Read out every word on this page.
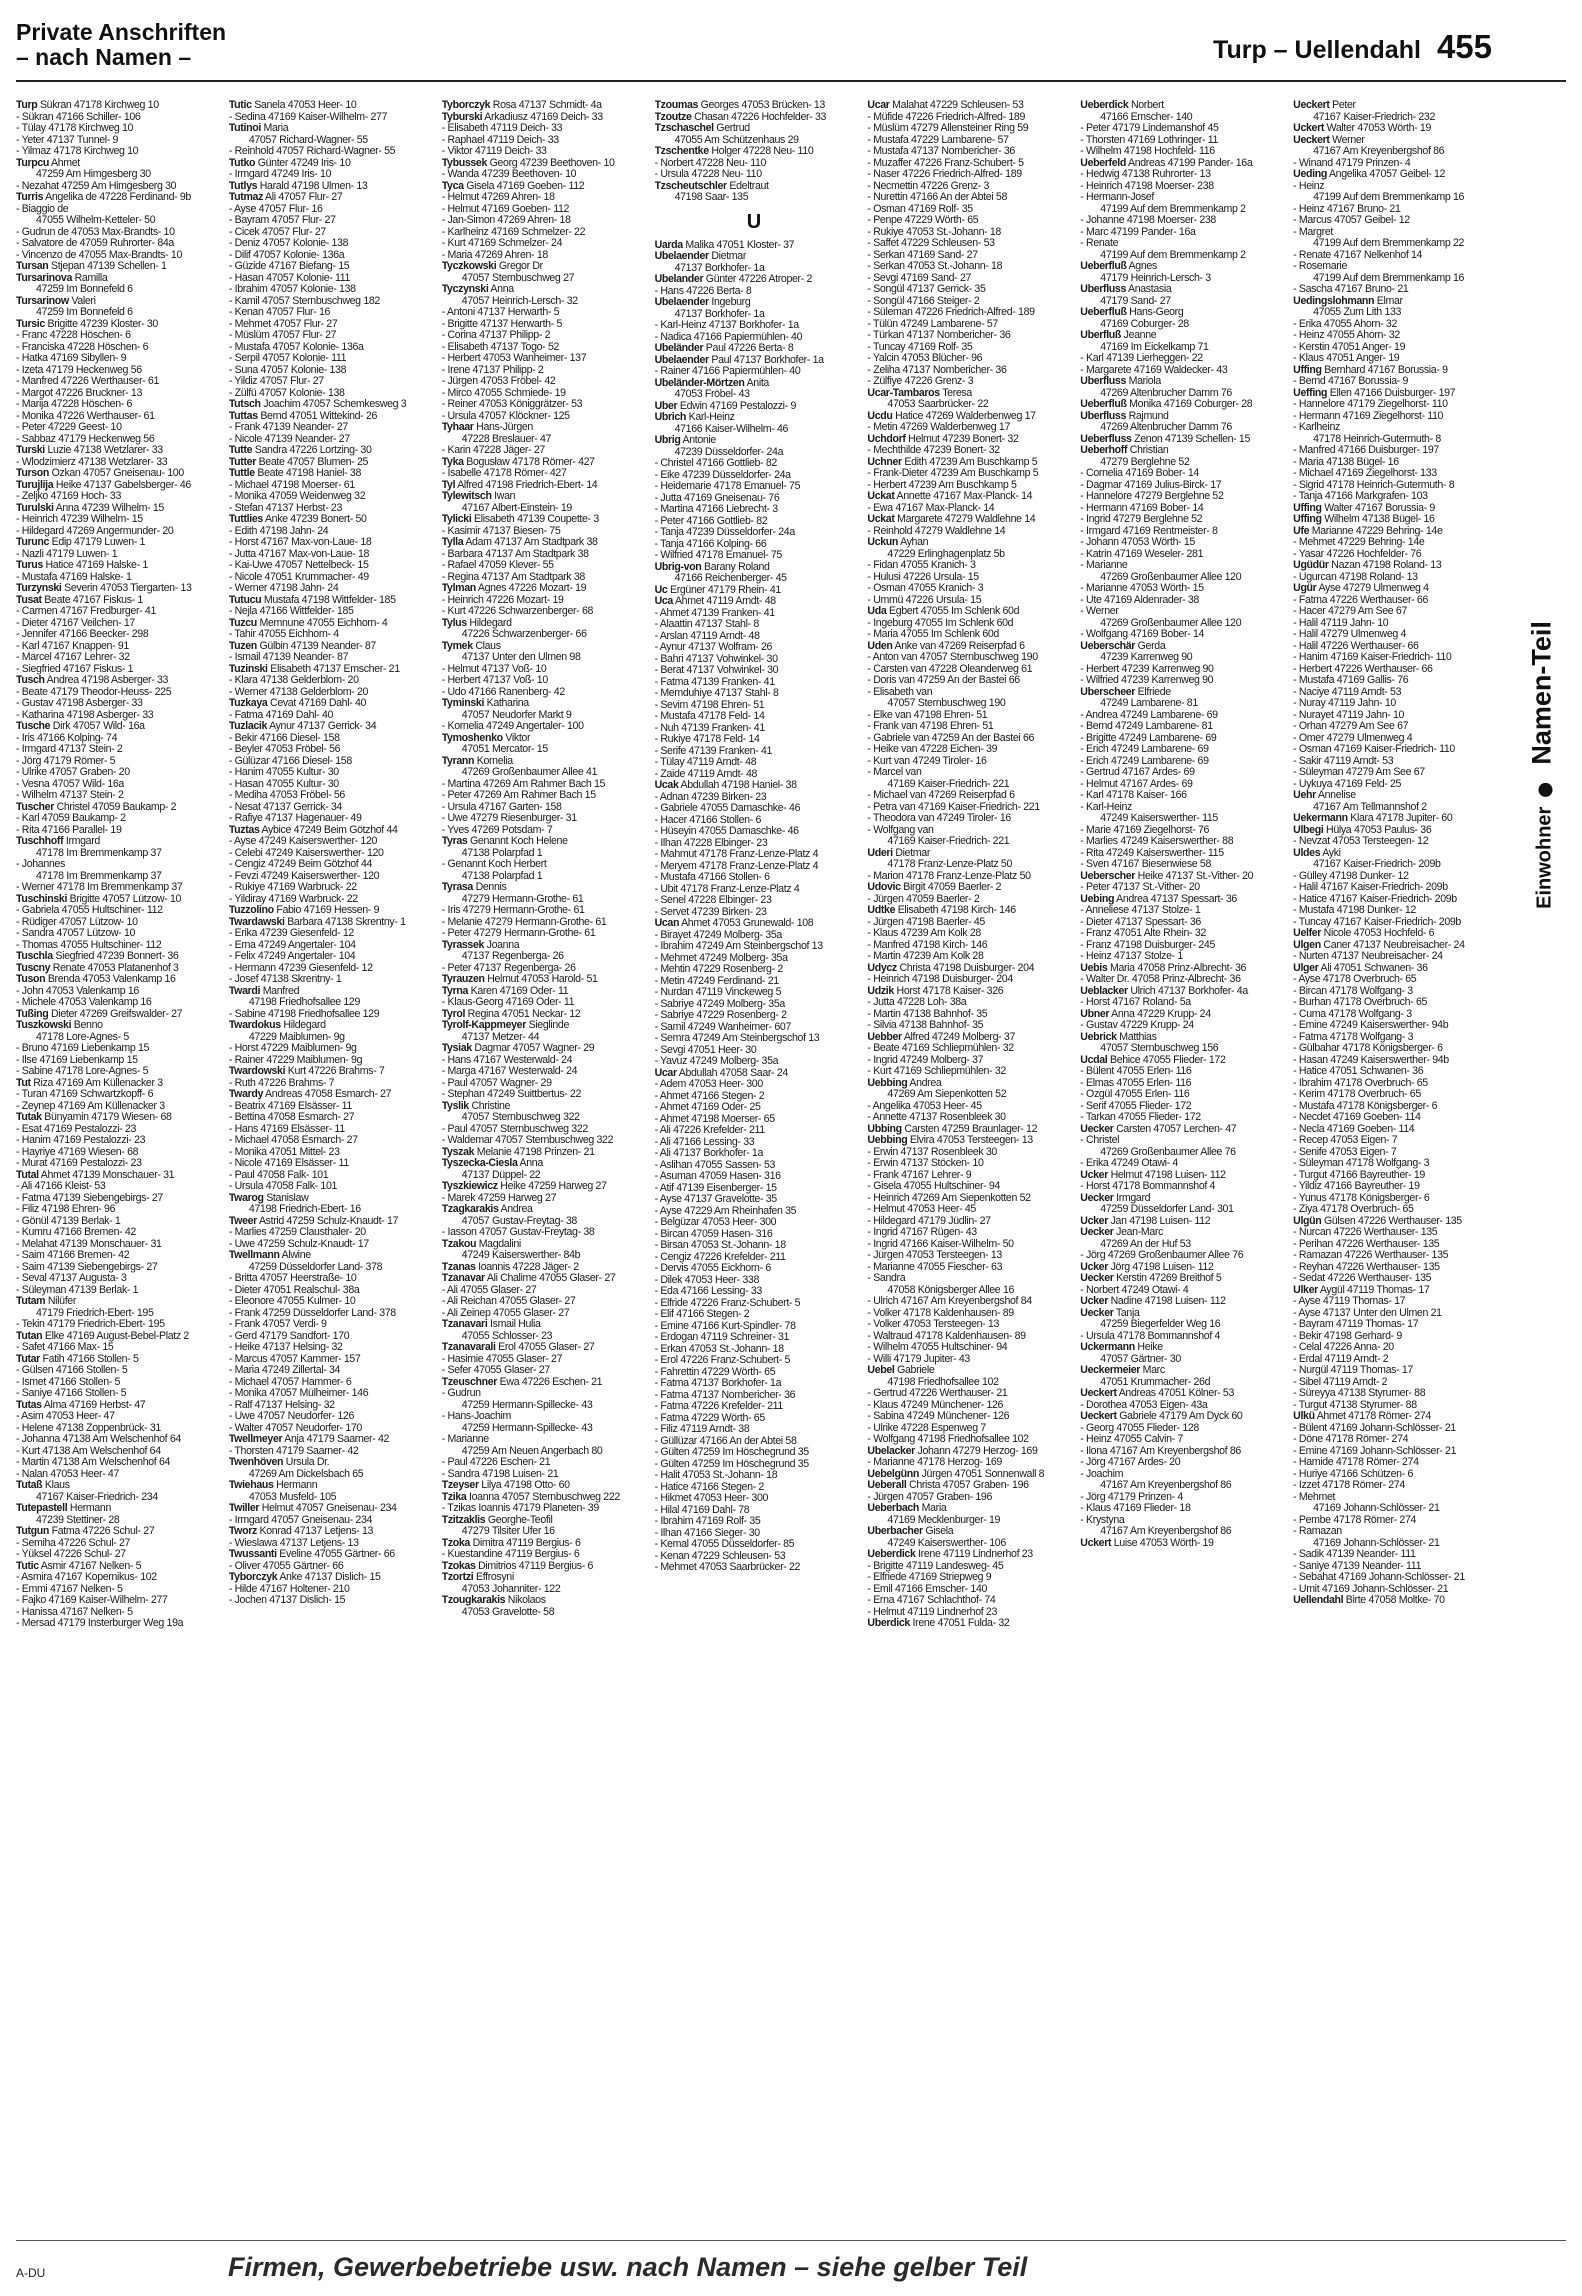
Private Anschriften
– nach Namen –	Turp – Uellendahl 455
Turp Sükran 47178 Kirchweg 10
- Sükran 47166 Schiller- 106
- Tülay 47178 Kirchweg 10
- Yeter 47137 Tunnel- 9
- Yilmaz 47178 Kirchweg 10
Turpcu Ahmet
47259 Am Himgesberg 30
- Nezahat 47259 Am Himgesberg 30
Turris Angelika de 47228 Ferdinand- 9b
- Biaggio de
47055 Wilhelm-Ketteler- 50
- Gudrun de 47053 Max-Brandts- 10
- Salvatore de 47059 Ruhrorter- 84a
- Vincenzo de 47055 Max-Brandts- 10
Tursan Stjepan 47139 Schellen- 1
Tursarinova Ramilla
47259 Im Bonnefeld 6
Tursarinow Valeri
47259 Im Bonnefeld 6
Tursic Brigitte 47239 Kloster- 30
- Franc 47228 Höschen- 6
- Franciska 47228 Höschen- 6
- Hatka 47169 Sibyllen- 9
- Izeta 47179 Heckenweg 56
- Manfred 47226 Werthauser- 61
- Margot 47226 Bruckner- 13
- Marija 47228 Höschen- 6
- Monika 47226 Werthauser- 61
- Peter 47229 Geest- 10
- Sabbaz 47179 Heckenweg 56
Turski Luzie 47138 Wetzlarer- 33
- Wlodzimierz 47138 Wetzlarer- 33
Turson Özkan 47057 Gneisenau- 100
Turujlija Heike 47137 Gabelsberger- 46
- Zeljko 47169 Hoch- 33
Turulski Anna 47239 Wilhelm- 15
- Heinrich 47239 Wilhelm- 15
- Hildegard 47269 Angermunder- 20
Turunc Edip 47179 Luwen- 1
- Nazli 47179 Luwen- 1
Turus Hatice 47169 Halske- 1
- Mustafa 47169 Halske- 1
Turzynski Severin 47053 Tiergarten- 13
Tusat Beate 47167 Fiskus- 1
- Carmen 47167 Fredburger- 41
- Dieter 47167 Veilchen- 17
- Jennifer 47166 Beecker- 298
- Karl 47167 Knappen- 91
- Marcel 47167 Lehrer- 32
- Siegfried 47167 Fiskus- 1
Tusch Andrea 47198 Asberger- 33
- Beate 47179 Theodor-Heuss- 225
- Gustav 47198 Asberger- 33
- Katharina 47198 Asberger- 33
Tusche Dirk 47057 Wild- 16a
- Iris 47166 Kolping- 74
- Irmgard 47137 Stein- 2
- Jörg 47179 Römer- 5
- Ulrike 47057 Graben- 20
- Vesna 47057 Wild- 16a
- Wilhelm 47137 Stein- 2
Tuscher Christel 47059 Baukamp- 2
- Karl 47059 Baukamp- 2
- Rita 47166 Parallel- 19
Tuschhoff Irmgard
47178 Im Bremmenkamp 37
- Johannes
47178 Im Bremmenkamp 37
- Werner 47178 Im Bremmenkamp 37
Tuschinski Brigitte 47057 Lützow- 10
- Gabriela 47055 Hultschiner- 112
- Rüdiger 47057 Lützow- 10
- Sandra 47057 Lützow- 10
- Thomas 47055 Hultschiner- 112
Tuschla Siegfried 47239 Bonnert- 36
Tuscny Renate 47053 Platanenhof 3
Tuson Brenda 47053 Valenkamp 16
- John 47053 Valenkamp 16
- Michele 47053 Valenkamp 16
Tußing Dieter 47269 Greifswalder- 27
Tuszkowski Benno
47178 Lore-Agnes- 5
- Bruno 47169 Liebenkamp 15
- Ilse 47169 Liebenkamp 15
- Sabine 47178 Lore-Agnes- 5
Tut Riza 47169 Am Küllenacker 3
- Turan 47169 Schwartzkopff- 6
- Zeynep 47169 Am Küllenacker 3
Tutak Bünyamin 47179 Wiesen- 68
- Esat 47169 Pestalozzi- 23
- Hanim 47169 Pestalozzi- 23
- Hayriye 47169 Wiesen- 68
- Murat 47169 Pestalozzi- 23
Tutal Ahmet 47139 Monschauer- 31
- Ali 47166 Kleist- 53
- Fatma 47139 Siebengebirgs- 27
- Filiz 47198 Ehren- 96
- Gönül 47139 Berlak- 1
- Kumru 47166 Bremen- 42
- Melahat 47139 Monschauer- 31
- Saim 47166 Bremen- 42
- Saim 47139 Siebengebirgs- 27
- Seval 47137 Augusta- 3
- Süleyman 47139 Berlak- 1
Tutam Nilüfer
47179 Friedrich-Ebert- 195
- Tekin 47179 Friedrich-Ebert- 195
Tutan Elke 47169 August-Bebel-Platz 2
- Safet 47166 Max- 15
Tutar Fatih 47166 Stollen- 5
- Gülsen 47166 Stollen- 5
- Ismet 47166 Stollen- 5
- Saniye 47166 Stollen- 5
Tutas Alma 47169 Herbst- 47
- Asim 47053 Heer- 47
- Helene 47138 Zoppenbrück- 31
- Johanna 47138 Am Welschenhof 64
- Kurt 47138 Am Welschenhof 64
- Martin 47138 Am Welschenhof 64
- Nalan 47053 Heer- 47
Tutaß Klaus
47167 Kaiser-Friedrich- 234
Tutepastell Hermann
47239 Stettiner- 28
Tutgun Fatma 47226 Schul- 27
- Semiha 47226 Schul- 27
- Yüksel 47226 Schul- 27
Tutic Asmir 47167 Nelken- 5
- Asmira 47167 Kopernikus- 102
- Emmi 47167 Nelken- 5
- Fajko 47169 Kaiser-Wilhelm- 277
- Hanissa 47167 Nelken- 5
- Mersad 47179 Insterburger Weg 19a
Tutic Sanela 47053 Heer- 10
- Sedina 47169 Kaiser-Wilhelm- 277
Tutinoi Maria
47057 Richard-Wagner- 55
- Reinhold 47057 Richard-Wagner- 55
Tutko Günter 47249 Iris- 10
- Irmgard 47249 Iris- 10
Tutlys Harald 47198 Ulmen- 13
Tutmaz Ali 47057 Flur- 27
- Ayse 47057 Flur- 16
- Bayram 47057 Flur- 27
- Cicek 47057 Flur- 27
- Deniz 47057 Kolonie- 138
- Dilif 47057 Kolonie- 136a
- Güzide 47167 Biefang- 15
- Hasan 47057 Kolonie- 111
- Ibrahim 47057 Kolonie- 138
- Kamil 47057 Sternbuschweg 182
- Kenan 47057 Flur- 16
- Mehmet 47057 Flur- 27
- Müslüm 47057 Flur- 27
- Mustafa 47057 Kolonie- 136a
- Serpil 47057 Kolonie- 111
- Suna 47057 Kolonie- 138
- Yildiz 47057 Flur- 27
- Zülfü 47057 Kolonie- 138
Tutsch Joachim 47057 Schemkesweg 3
Tuttas Bernd 47051 Wittekind- 26
- Frank 47139 Neander- 27
- Nicole 47139 Neander- 27
Tutte Sandra 47226 Lortzing- 30
Tutter Beate 47057 Blumen- 25
Tuttle Beate 47198 Haniel- 38
- Michael 47198 Moerser- 61
- Monika 47059 Weidenweg 32
- Stefan 47137 Herbst- 23
Tuttlies Anke 47239 Bonert- 50
- Edith 47198 Jahn- 24
- Horst 47167 Max-von-Laue- 18
- Jutta 47167 Max-von-Laue- 18
- Kai-Uwe 47057 Nettelbeck- 15
- Nicole 47051 Krummacher- 49
- Werner 47198 Jahn- 24
Tutucu Mustafa 47198 Wittfelder- 185
- Nejla 47166 Wittfelder- 185
Tuzcu Memnune 47055 Eichhorn- 4
- Tahir 47055 Eichhorn- 4
Tuzen Gülbin 47139 Neander- 87
- Ismail 47139 Neander- 87
Tuzinski Elisabeth 47137 Emscher- 21
- Klara 47138 Gelderblom- 20
- Werner 47138 Gelderblom- 20
Tuzkaya Cevat 47169 Dahl- 40
- Fatma 47169 Dahl- 40
Tuzlacik Aynur 47137 Gerrick- 34
- Bekir 47166 Diesel- 158
- Beyler 47053 Fröbel- 56
- Gülüzar 47166 Diesel- 158
- Hanim 47055 Kultur- 30
- Hasan 47055 Kultur- 30
- Mediha 47053 Fröbel- 56
- Nesat 47137 Gerrick- 34
- Rafiye 47137 Hagenauer- 49
Tuztas Aybice 47249 Beim Götzhof 44
- Ayse 47249 Kaiserswerther- 120
- Celebi 47249 Kaiserswerther- 120
- Cengiz 47249 Beim Götzhof 44
- Fevzi 47249 Kaiserswerther- 120
- Rukiye 47169 Warbruck- 22
- Yildiray 47169 Warbruck- 22
Tuzzolino Fabio 47169 Hessen- 9
Twardawski Barbara 47138 Skrentny- 1
- Erika 47239 Giesenfeld- 12
- Erna 47249 Angertaler- 104
- Felix 47249 Angertaler- 104
- Hermann 47239 Giesenfeld- 12
- Josef 47138 Skrentny- 1
Twardi Manfred
47198 Friedhofsallee 129
- Sabine 47198 Friedhofsallee 129
Twardokus Hildegard
47229 Maiblumen- 9g
- Horst 47229 Maiblumen- 9g
- Rainer 47229 Maiblumen- 9g
Twardowski Kurt 47226 Brahms- 7
- Ruth 47226 Brahms- 7
Twardy Andreas 47058 Esmarch- 27
- Beatrix 47169 Elsässer- 11
- Bettina 47058 Esmarch- 27
- Hans 47169 Elsässer- 11
- Michael 47058 Esmarch- 27
- Monika 47051 Mittel- 23
- Nicole 47169 Elsässer- 11
- Paul 47058 Falk- 101
- Ursula 47058 Falk- 101
Twarog Stanislaw
47198 Friedrich-Ebert- 16
Tweer Astrid 47259 Schulz-Knaudt- 17
- Marlies 47259 Clausthaler- 20
- Uwe 47259 Schulz-Knaudt- 17
Twellmann Alwine
47259 Düsseldorfer Land- 378
- Britta 47057 Heerstraße- 10
- Dieter 47051 Realschul- 38a
- Eleonore 47055 Kulmer- 10
- Frank 47259 Düsseldorfer Land- 378
- Frank 47057 Verdi- 9
- Gerd 47179 Sandfort- 170
- Heike 47137 Helsing- 32
- Marcus 47057 Kammer- 157
- Maria 47249 Zillertal- 34
- Michael 47057 Hammer- 6
- Monika 47057 Mülheimer- 146
- Ralf 47137 Helsing- 32
- Uwe 47057 Neudorfer- 126
- Walter 47057 Neudorfer- 170
Twellmeyer Anja 47179 Saarner- 42
- Thorsten 47179 Saarner- 42
Twenhöven Ursula Dr.
47269 Am Dickelsbach 65
Twiehaus Hermann
47053 Musfeld- 105
Twiller Helmut 47057 Gneisenau- 234
- Irmgard 47057 Gneisenau- 234
Tworz Konrad 47137 Letjens- 13
- Wieslawa 47137 Letjens- 13
Twussanti Eveline 47055 Gärtner- 66
- Oliver 47055 Gärtner- 66
Tyborczyk Anke 47137 Dislich- 15
- Hilde 47167 Holtener- 210
- Jochen 47137 Dislich- 15
Tyborczyk Rosa 47137 Schmidt- 4a
Tyburski Arkadiusz 47169 Deich- 33
- Elisabeth 47119 Deich- 33
- Raphael 47119 Deich- 33
- Viktor 47119 Deich- 33
Tybussek Georg 47239 Beethoven- 10
- Wanda 47239 Beethoven- 10
Tyca Gisela 47169 Goeben- 112
- Helmut 47269 Ahren- 18
- Helmut 47169 Goeben- 112
- Jan-Simon 47269 Ahren- 18
- Karlheinz 47169 Schmelzer- 22
- Kurt 47169 Schmelzer- 24
- Maria 47269 Ahren- 18
Tyczkowski Gregor Dr
47057 Sternbuschweg 27
Tyczynski Anna
47057 Heinrich-Lersch- 32
- Antoni 47137 Herwarth- 5
- Brigitte 47137 Herwarth- 5
- Corina 47137 Philipp- 2
- Elisabeth 47137 Togo- 52
- Herbert 47053 Wanheimer- 137
- Irene 47137 Philipp- 2
- Jürgen 47053 Fröbel- 42
- Mirco 47055 Schmiede- 19
- Reiner 47053 Königgrätzer- 53
- Ursula 47057 Klöckner- 125
Tyhaar Hans-Jürgen
47228 Breslauer- 47
- Karin 47228 Jäger- 27
Tyka Bogusław 47178 Römer- 427
- Isabelle 47178 Römer- 427
Tyl Alfred 47198 Friedrich-Ebert- 14
Tylewitsch Iwan
47167 Albert-Einstein- 19
Tylicki Elisabeth 47139 Coupette- 3
- Kasimir 47137 Biesen- 75
Tylla Adam 47137 Am Stadtpark 38
- Barbara 47137 Am Stadtpark 38
- Rafael 47059 Klever- 55
- Regina 47137 Am Stadtpark 38
Tylman Agnes 47226 Mozart- 19
- Heinrich 47226 Mozart- 19
- Kurt 47226 Schwarzenberger- 68
Tylus Hildegard
47226 Schwarzenberger- 66
Tymek Claus
47137 Unter den Ulmen 98
- Helmut 47137 Voß- 10
- Herbert 47137 Voß- 10
- Udo 47166 Ranenberg- 42
Tyminski Katharina
47057 Neudorfer Markt 9
- Kornelia 47249 Angertaler- 100
Tymoshenko Viktor
47051 Mercator- 15
Tyrann Kornelia
47269 Großenbaumer Allee 41
- Martina 47269 Am Rahmer Bach 15
- Peter 47269 Am Rahmer Bach 15
- Ursula 47167 Garten- 158
- Uwe 47279 Riesenburger- 31
- Yves 47269 Potsdam- 7
Tyras Genannt Koch Helene
47138 Polarpfad 1
- Genannt Koch Herbert
47138 Polarpfad 1
Tyrasa Dennis
47279 Hermann-Grothe- 61
- Iris 47279 Hermann-Grothe- 61
- Melanie 47279 Hermann-Grothe- 61
- Peter 47279 Hermann-Grothe- 61
Tyrassek Joanna
47137 Regenberga- 26
- Peter 47137 Regenberga- 26
Tyrauzen Helmut 47053 Harold- 51
Tyrna Karen 47169 Oder- 11
- Klaus-Georg 47169 Oder- 11
Tyrol Regina 47051 Neckar- 12
Tyrolf-Kappmeyer Sieglinde
47137 Metzer- 44
Tysiak Dagmar 47057 Wagner- 29
- Hans 47167 Westerwald- 24
- Marga 47167 Westerwald- 24
- Paul 47057 Wagner- 29
- Stephan 47249 Suittbertus- 22
Tyslik Christine
47057 Sternbuschweg 322
- Paul 47057 Sternbuschweg 322
- Waldemar 47057 Sternbuschweg 322
Tyszak Melanie 47198 Prinzen- 21
Tyszecka-Ciesla Anna
47137 Düppel- 22
Tyszkiewicz Heike 47259 Harweg 27
- Marek 47259 Harweg 27
Tzagkarakis Andrea
47057 Gustav-Freytag- 38
- Iasson 47057 Gustav-Freytag- 38
Tzakou Magdalini
47249 Kaiserswerther- 84b
Tzanas Ioannis 47228 Jäger- 2
Tzanavar Ali Chalime 47055 Glaser- 27
- Ali 47055 Glaser- 27
- Ali Reichan 47055 Glaser- 27
- Ali Zeinep 47055 Glaser- 27
Tzanavari Ismail Hulia
47055 Schlosser- 23
Tzanavarali Erol 47055 Glaser- 27
- Hasimie 47055 Glaser- 27
- Sefer 47055 Glaser- 27
Tzeuschner Ewa 47226 Eschen- 21
- Gudrun
47259 Hermann-Spillecke- 43
- Hans-Joachim
47259 Hermann-Spillecke- 43
- Marianne
47259 Am Neuen Angerbach 80
- Paul 47226 Eschen- 21
- Sandra 47198 Luisen- 21
Tzeyser Lilya 47198 Otto- 60
Tzika Ioanna 47057 Sternbuschweg 222
- Tzikas Ioannis 47179 Planeten- 39
Tzitzaklis Georghe-Teofil
47279 Tilsiter Ufer 16
Tzoka Dimitra 47119 Bergius- 6
- Kuestandine 47119 Bergius- 6
Tzokas Dimitrios 47119 Bergius- 6
Tzortzi Effrosyni
47053 Johanniter- 122
Tzougkarakis Nikolaos
47053 Gravelotte- 58
Tzoumas Georges 47053 Brücken- 13
Tzoutze Chasan 47226 Hochfelder- 33
Tzschaschel Gertrud
47055 Am Schützenhaus 29
Tzschentke Holger 47228 Neu- 110
- Norbert 47228 Neu- 110
- Ursula 47228 Neu- 110
Tzscheutschler Edeltraut
47198 Saar- 135
U
Uarda Malika 47051 Kloster- 37
Ubelaender Dietmar
47137 Borkhofer- 1a
Ubelander Günter 47226 Atroper- 2
- Hans 47226 Berta- 8
Ubelaender Ingeburg
47137 Borkhofer- 1a
- Karl-Heinz 47137 Borkhofer- 1a
- Nadica 47166 Papiermühlen- 40
Ubeländer Paul 47226 Berta- 8
Ubelaender Paul 47137 Borkhofer- 1a
- Rainer 47166 Papiermühlen- 40
Ubeländer-Mörtzen Anita
47053 Fröbel- 43
Uber Edwin 47169 Pestalozzi- 9
Ubrich Karl-Heinz
47166 Kaiser-Wilhelm- 46
Ubrig Antonie
47239 Düsseldorfer- 24a
- Christel 47166 Gottlieb- 82
- Eike 47239 Düsseldorfer- 24a
- Heidemarie 47178 Emanuel- 75
- Jutta 47169 Gneisenau- 76
- Martina 47166 Liebrecht- 3
- Peter 47166 Gottlieb- 82
- Tanja 47239 Düsseldorfer- 24a
- Tanja 47166 Kolping- 66
- Wilfried 47178 Emanuel- 75
Ubrig-von Barany Roland
47166 Reichenberger- 45
Uc Ergüner 47179 Rhein- 41
Uca Ahmet 47119 Arndt- 48
- Ahmet 47139 Franken- 41
- Alaattin 47137 Stahl- 8
- Arslan 47119 Arndt- 48
- Aynur 47137 Wolfram- 26
- Bahri 47137 Vohwinkel- 30
- Berat 47137 Vohwinkel- 30
- Fatma 47139 Franken- 41
- Memduhiye 47137 Stahl- 8
- Sevim 47198 Ehren- 51
- Mustafa 47178 Feld- 14
- Nuh 47139 Franken- 41
- Rukiye 47178 Feld- 14
- Serife 47139 Franken- 41
- Tülay 47119 Arndt- 48
- Zaide 47119 Arndt- 48
Ucak Abdullah 47198 Haniel- 38
- Adnan 47239 Birken- 23
- Gabriele 47055 Damaschke- 46
- Hacer 47166 Stollen- 6
- Hüseyin 47055 Damaschke- 46
- Ilhan 47228 Elbinger- 23
- Mahmut 47178 Franz-Lenze-Platz 4
- Meryem 47178 Franz-Lenze-Platz 4
- Mustafa 47166 Stollen- 6
- Ubit 47178 Franz-Lenze-Platz 4
- Senel 47228 Elbinger- 23
- Servet 47239 Birken- 23
Ucan Ahmet 47053 Grunewald- 108
- Birayet 47249 Molberg- 35a
- Ibrahim 47249 Am Steinbergschof 13
- Mehmet 47249 Molberg- 35a
- Mehtin 47229 Rosenberg- 2
- Metin 47249 Ferdinand- 21
- Nurdan 47119 Vinckeweg 5
- Sabriye 47249 Molberg- 35a
- Sabriye 47229 Rosenberg- 2
- Samil 47249 Wanheimer- 607
- Semra 47249 Am Steinbergschof 13
- Sevgi 47051 Heer- 30
- Yavuz 47249 Molberg- 35a
Ucar Abdullah 47058 Saar- 24
- Adem 47053 Heer- 300
- Ahmet 47166 Stegen- 2
- Ahmet 47169 Oder- 25
- Ahmet 47198 Moerser- 65
- Ali 47226 Krefelder- 211
- Ali 47166 Lessing- 33
- Ali 47137 Borkhofer- 1a
- Aslihan 47055 Sassen- 53
- Asuman 47059 Hasen- 316
- Atif 47139 Eisenberger- 15
- Ayse 47137 Gravelotte- 35
- Ayse 47229 Am Rheinhafen 35
- Belgüzar 47053 Heer- 300
- Bircan 47059 Hasen- 316
- Birsan 47053 St.-Johann- 18
- Cengiz 47226 Krefelder- 211
- Dervis 47055 Eickhorn- 6
- Dilek 47053 Heer- 338
- Eda 47166 Lessing- 33
- Elfride 47226 Franz-Schubert- 5
- Elif 47166 Stegen- 2
- Emine 47166 Kurt-Spindler- 78
- Erdogan 47119 Schreiner- 31
- Erkan 47053 St.-Johann- 18
- Erol 47226 Franz-Schubert- 5
- Fahrettin 47229 Wörth- 65
- Fatma 47137 Borkhofer- 1a
- Fatma 47137 Nombericher- 36
- Fatma 47226 Krefelder- 211
- Fatma 47229 Wörth- 65
- Filiz 47119 Arndt- 38
- Güllüzar 47166 An der Abtei 58
- Gülten 47259 Im Höschegrund 35
- Gülten 47259 Im Höschegrund 35
- Halit 47053 St.-Johann- 18
- Hatice 47166 Stegen- 2
- Hikmet 47053 Heer- 300
- Hilal 47169 Dahl- 78
- Ibrahim 47169 Rolf- 35
- Ilhan 47166 Sieger- 30
- Kemal 47055 Düsseldorfer- 85
- Kenan 47229 Schleusen- 53
- Mehmet 47053 Saarbrücker- 22
Ucar Malahat 47229 Schleusen- 53
- Müfide 47226 Friedrich-Alfred- 189
- Müslüm 47279 Allensteiner Ring 59
- Mustafa 47229 Lambarene- 57
- Mustafa 47137 Nombericher- 36
- Muzaffer 47226 Franz-Schubert- 5
- Naser 47226 Friedrich-Alfred- 189
- Necmettin 47226 Grenz- 3
- Nurettin 47166 An der Abtei 58
- Osman 47169 Rolf- 35
- Penpe 47229 Wörth- 65
- Rukiye 47053 St.-Johann- 18
- Saffet 47229 Schleusen- 53
- Serkan 47169 Sand- 27
- Serkan 47053 St.-Johann- 18
- Sevgi 47169 Sand- 27
- Songül 47137 Gerrick- 35
- Songül 47166 Steiger- 2
- Süleman 47226 Friedrich-Alfred- 189
- Tülün 47249 Lambarene- 57
- Türkan 47137 Nombericher- 36
- Tuncay 47169 Rolf- 35
- Yalcin 47053 Blücher- 96
- Zeliha 47137 Nombericher- 36
- Zülfiye 47226 Grenz- 3
Ucar-Tambaros Teresa
47053 Saarbrücker- 22
Ucdu Hatice 47269 Walderbenweg 17
- Metin 47269 Walderbenweg 17
Uchdorf Helmut 47239 Bonert- 32
- Mechthilde 47239 Bonert- 32
Uchner Edith 47239 Am Buschkamp 5
- Frank-Dieter 47239 Am Buschkamp 5
- Herbert 47239 Am Buschkamp 5
Uckat Annette 47167 Max-Planck- 14
- Ewa 47167 Max-Planck- 14
Uckat Margarete 47279 Waldlehne 14
- Reinhold 47279 Waldlehne 14
Uckun Ayhan
47229 Erlinghagenplatz 5b
- Fidan 47055 Kranich- 3
- Hulusi 47226 Ursula- 15
- Osman 47055 Kranich- 3
- Ümmü 47226 Ursula- 15
Uda Egbert 47055 Im Schlenk 60d
- Ingeburg 47055 Im Schlenk 60d
- Maria 47055 Im Schlenk 60d
Uden Anke van 47269 Reiserpfad 6
- Anton van 47057 Sternbuschweg 190
- Carsten van 47228 Oleanderweg 61
- Doris van 47259 An der Bastei 66
- Elisabeth van
47057 Sternbuschweg 190
- Elke van 47198 Ehren- 51
- Frank van 47198 Ehren- 51
- Gabriele van 47259 An der Bastei 66
- Heike van 47228 Eichen- 39
- Kurt van 47249 Tiroler- 16
- Marcel van
47169 Kaiser-Friedrich- 221
- Michael van 47269 Reiserpfad 6
- Petra van 47169 Kaiser-Friedrich- 221
- Theodora van 47249 Tiroler- 16
- Wolfgang van
47169 Kaiser-Friedrich- 221
Uderi Dietmar
47178 Franz-Lenze-Platz 50
- Marion 47178 Franz-Lenze-Platz 50
Udovic Birgit 47059 Baerler- 2
- Jürgen 47059 Baerler- 2
Udtke Elisabeth 47198 Kirch- 146
- Jürgen 47198 Baerler- 45
- Klaus 47239 Am Kolk 28
- Manfred 47198 Kirch- 146
- Martin 47239 Am Kolk 28
Udycz Christa 47198 Duisburger- 204
- Heinrich 47198 Duisburger- 204
Udzik Horst 47178 Kaiser- 326
- Jutta 47228 Loh- 38a
- Martin 47138 Bahnhof- 35
- Silvia 47138 Bahnhof- 35
Uebber Alfred 47249 Molberg- 37
- Beate 47169 Schliepmühlen- 32
- Ingrid 47249 Molberg- 37
- Kurt 47169 Schliepmühlen- 32
Uebbing Andrea
47269 Am Siepenkotten 52
- Angelika 47053 Heer- 45
- Annette 47137 Rosenbleek 30
Übbing Carsten 47259 Braunlager- 12
Uebbing Elvira 47053 Tersteegen- 13
- Erwin 47137 Rosenbleek 30
- Erwin 47137 Stöcken- 10
- Frank 47167 Lehrer- 9
- Gisela 47055 Hultschiner- 94
- Heinrich 47269 Am Siepenkotten 52
- Helmut 47053 Heer- 45
- Hildegard 47179 Jüdlin- 27
- Ingrid 47167 Rügen- 43
- Ingrid 47166 Kaiser-Wilhelm- 50
- Jürgen 47053 Tersteegen- 13
- Marianne 47055 Fiescher- 63
- Sandra
47058 Königsberger Allee 16
- Ulrich 47167 Am Kreyenbergshof 84
- Volker 47178 Kaldenhausen- 89
- Volker 47053 Tersteegen- 13
- Waltraud 47178 Kaldenhausen- 89
- Wilhelm 47055 Hultschiner- 94
- Willi 47179 Jupiter- 43
Uebel Gabriele
47198 Friedhofsallee 102
- Gertrud 47226 Werthauser- 21
- Klaus 47249 Münchener- 126
- Sabina 47249 Münchener- 126
- Ulrike 47228 Espenweg 7
- Wolfgang 47198 Friedhofsallee 102
Übelacker Johann 47279 Herzog- 169
- Marianne 47178 Herzog- 169
Uebelgünn Jürgen 47051 Sonnenwall 8
Ueberall Christa 47057 Graben- 196
- Jürgen 47057 Graben- 196
Ueberbach Maria
47169 Mecklenburger- 19
Überbacher Gisela
47249 Kaiserswerther- 106
Ueberdick Irene 47119 Lindnerhof 23
- Brigitte 47119 Landesweg- 45
- Elfriede 47169 Striepweg 9
- Emil 47166 Emscher- 140
- Erna 47167 Schlachthof- 74
- Helmut 47119 Lindnerhof 23
Überdick Irene 47051 Fulda- 32
Ueberdick Norbert
47166 Emscher- 140
- Peter 47179 Lindemanshof 45
- Thorsten 47169 Lothringer- 11
- Wilhelm 47198 Hochfeld- 116
Ueberfeld Andreas 47199 Pander- 16a
- Hedwig 47138 Ruhrorter- 13
- Heinrich 47198 Moerser- 238
- Hermann-Josef
47199 Auf dem Bremmenkamp 2
- Johanne 47198 Moerser- 238
- Marc 47199 Pander- 16a
- Renate
47199 Auf dem Bremmenkamp 2
Ueberfluß Agnes
47179 Heinrich-Lersch- 3
Überfluss Anastasia
47179 Sand- 27
Ueberfluß Hans-Georg
47169 Coburger- 28
Überfluß Jeanne
47169 Im Eickelkamp 71
- Karl 47139 Lierheggen- 22
- Margarete 47169 Waldecker- 43
Überfluss Mariola
47269 Altenbrucher Damm 76
Ueberfluß Monika 47169 Coburger- 28
Überfluss Rajmund
47269 Altenbrucher Damm 76
Ueberfluss Zenon 47139 Schellen- 15
Ueberhoff Christian
47279 Berglehne 52
- Cornelia 47169 Bober- 14
- Dagmar 47169 Julius-Birck- 17
- Hannelore 47279 Berglehne 52
- Hermann 47169 Bober- 14
- Ingrid 47279 Berglehne 52
- Irmgard 47169 Rentmeister- 8
- Johann 47053 Wörth- 15
- Katrin 47169 Weseler- 281
- Marianne
47269 Großenbaumer Allee 120
- Marianne 47053 Wörth- 15
- Ute 47169 Aldenrader- 38
- Werner
47269 Großenbaumer Allee 120
- Wolfgang 47169 Bober- 14
Ueberschär Gerda
47239 Karrenweg 90
- Herbert 47239 Karrenweg 90
- Wilfried 47239 Karrenweg 90
Überscheer Elfriede
47249 Lambarene- 81
- Andrea 47249 Lambarene- 69
- Bernd 47249 Lambarene- 81
- Brigitte 47249 Lambarene- 69
- Erich 47249 Lambarene- 69
- Erich 47249 Lambarene- 69
- Gertrud 47167 Ardes- 69
- Helmut 47167 Ardes- 69
- Karl 47178 Kaiser- 166
- Karl-Heinz
47249 Kaiserswerther- 115
- Marie 47169 Ziegelhorst- 76
- Marlies 47249 Kaiserswerther- 88
- Rita 47249 Kaiserswerther- 115
- Sven 47167 Biesenwiese 58
Ueberscher Heike 47137 St.-Vither- 20
- Peter 47137 St.-Vither- 20
Uebing Andrea 47137 Spessart- 36
- Anneliese 47137 Stolze- 1
- Dieter 47137 Spessart- 36
- Franz 47051 Alte Rhein- 32
- Franz 47198 Duisburger- 245
- Heinz 47137 Stolze- 1
Uebis Maria 47058 Prinz-Albrecht- 36
- Walter Dr. 47058 Prinz-Albrecht- 36
Ueblacker Ulrich 47137 Borkhofer- 4a
- Horst 47167 Roland- 5a
Ubner Anna 47229 Krupp- 24
- Gustav 47229 Krupp- 24
Uebrick Matthias
47057 Sternbuschweg 156
Ücdal Behice 47055 Flieder- 172
- Bülent 47055 Erlen- 116
- Elmas 47055 Erlen- 116
- Özgül 47055 Erlen- 116
- Serif 47055 Flieder- 172
- Tarkan 47055 Flieder- 172
Uecker Carsten 47057 Lerchen- 47
- Christel
47269 Großenbaumer Allee 76
- Erika 47249 Otawi- 4
Ücker Helmut 47198 Luisen- 112
- Horst 47178 Bommannshof 4
Uecker Irmgard
47259 Düsseldorfer Land- 301
Ücker Jan 47198 Luisen- 112
Uecker Jean-Marc
47269 An der Huf 53
- Jörg 47269 Großenbaumer Allee 76
Ücker Jörg 47198 Luisen- 112
Uecker Kerstin 47269 Breithof 5
- Norbert 47249 Otawi- 4
Ücker Nadine 47198 Luisen- 112
Uecker Tanja
47259 Biegerfelder Weg 16
- Ursula 47178 Bommannshof 4
Ückermann Heike
47057 Gärtner- 30
Ueckermeier Marc
47051 Krummacher- 26d
Ueckert Andreas 47051 Kölner- 53
- Dorothea 47053 Eigen- 43a
Ueckert Gabriele 47179 Am Dyck 60
- Georg 47055 Flieder- 128
- Heinz 47055 Calvin- 7
- Ilona 47167 Am Kreyenbergshof 86
- Jörg 47167 Ardes- 20
- Joachim
47167 Am Kreyenbergshof 86
- Jörg 47179 Prinzen- 4
- Klaus 47169 Flieder- 18
- Krystyna
47167 Am Kreyenbergshof 86
Ückert Luise 47053 Wörth- 19
Ueckert Peter
47167 Kaiser-Friedrich- 232
Ückert Walter 47053 Wörth- 19
Ueckert Werner
47167 Am Kreyenbergshof 86
- Winand 47179 Prinzen- 4
Ueding Angelika 47057 Geibel- 12
- Heinz
47199 Auf dem Bremmenkamp 16
- Heinz 47167 Bruno- 21
- Marcus 47057 Geibel- 12
- Margret
47199 Auf dem Bremmenkamp 22
- Renate 47167 Nelkenhof 14
- Rosemarie
47199 Auf dem Bremmenkamp 16
- Sascha 47167 Bruno- 21
Uedingslohmann Elmar
47055 Zum Lith 133
- Erika 47055 Ahorn- 32
- Heinz 47055 Ahorn- 32
- Kerstin 47051 Anger- 19
- Klaus 47051 Anger- 19
Uffing Bernhard 47167 Borussia- 9
- Bernd 47167 Borussia- 9
Ueffing Ellen 47166 Duisburger- 197
- Hannelore 47179 Ziegelhorst- 110
- Hermann 47169 Ziegelhorst- 110
- Karlheinz
47178 Heinrich-Gutermuth- 8
- Manfred 47166 Duisburger- 197
- Maria 47138 Bügel- 16
- Michael 47169 Ziegelhorst- 133
- Sigrid 47178 Heinrich-Gutermuth- 8
- Tanja 47166 Markgrafen- 103
Üffing Walter 47167 Borussia- 9
Uffing Wilhelm 47138 Bügel- 16
Ufe Marianne 47229 Behring- 14e
- Mehmet 47229 Behring- 14e
- Yasar 47226 Hochfelder- 76
Ügüdür Nazan 47198 Roland- 13
- Ugurcan 47198 Roland- 13
Ügür Ayse 47279 Ulmenweg 4
- Fatma 47226 Werthauser- 66
- Hacer 47279 Am See 67
- Halil 47119 Jahn- 10
- Halil 47279 Ulmenweg 4
- Halil 47226 Werthauser- 66
- Hanim 47169 Kaiser-Friedrich- 110
- Herbert 47226 Werthauser- 66
- Mustafa 47169 Gallis- 76
- Naciye 47119 Arndt- 53
- Nuray 47119 Jahn- 10
- Nurayet 47119 Jahn- 10
- Orhan 47279 Am See 67
- Ömer 47279 Ulmenweg 4
- Osman 47169 Kaiser-Friedrich- 110
- Sakir 47119 Arndt- 53
- Süleyman 47279 Am See 67
- Uykuya 47169 Feld- 25
Uehr Annelise
47167 Am Tellmannshof 2
Uekermann Klara 47178 Jupiter- 60
Ülbegi Hülya 47053 Paulus- 36
- Nevzat 47053 Tersteegen- 12
Üldes Ayki
47167 Kaiser-Friedrich- 209b
- Gülley 47198 Dunker- 12
- Halil 47167 Kaiser-Friedrich- 209b
- Hatice 47167 Kaiser-Friedrich- 209b
- Mustafa 47198 Dunker- 12
- Tuncay 47167 Kaiser-Friedrich- 209b
Uelfer Nicole 47053 Hochfeld- 6
Ülgen Caner 47137 Neubreisacher- 24
- Nurten 47137 Neubreisacher- 24
Ülger Ali 47051 Schwanen- 36
- Ayse 47178 Overbruch- 65
- Bircan 47178 Wolfgang- 3
- Burhan 47178 Overbruch- 65
- Cuma 47178 Wolfgang- 3
- Emine 47249 Kaiserswerther- 94b
- Fatma 47178 Wolfgang- 3
- Gülbahar 47178 Königsberger- 6
- Hasan 47249 Kaiserswerther- 94b
- Hatice 47051 Schwanen- 36
- Ibrahim 47178 Overbruch- 65
- Kerim 47178 Overbruch- 65
- Mustafa 47178 Königsberger- 6
- Necdet 47169 Goeben- 114
- Necla 47169 Goeben- 114
- Recep 47053 Eigen- 7
- Senife 47053 Eigen- 7
- Süleyman 47178 Wolfgang- 3
- Turgut 47166 Bayreuther- 19
- Yildiz 47166 Bayreuther- 19
- Yunus 47178 Königsberger- 6
- Ziya 47178 Overbruch- 65
Ülgün Gülsen 47226 Werthauser- 135
- Nurcan 47226 Werthauser- 135
- Perihan 47226 Werthauser- 135
- Ramazan 47226 Werthauser- 135
- Reyhan 47226 Werthauser- 135
- Sedat 47226 Werthauser- 135
Ülker Aygül 47119 Thomas- 17
- Ayse 47119 Thomas- 17
- Ayse 47137 Unter den Ulmen 21
- Bayram 47119 Thomas- 17
- Bekir 47198 Gerhard- 9
- Celal 47226 Anna- 20
- Erdal 47119 Arndt- 2
- Nurgül 47119 Thomas- 17
- Sibel 47119 Arndt- 2
- Süreyya 47138 Styrumer- 88
- Turgut 47138 Styrumer- 88
Ülkü Ahmet 47178 Römer- 274
- Bülent 47169 Johann-Schlösser- 21
- Döne 47178 Römer- 274
- Emine 47169 Johann-Schlösser- 21
- Hamide 47178 Römer- 274
- Huriye 47166 Schützen- 6
- Izzet 47178 Römer- 274
- Mehmet
47169 Johann-Schlösser- 21
- Pembe 47178 Römer- 274
- Ramazan
47169 Johann-Schlösser- 21
- Sadik 47139 Neander- 111
- Saniye 47139 Neander- 111
- Sebahat 47169 Johann-Schlösser- 21
- Ümit 47169 Johann-Schlösser- 21
Uellendahl Birte 47058 Moltke- 70
EinwohnerNamen-Teil
A-DU	Firmen, Gewerbebetriebe usw. nach Namen – siehe gelber Teil
